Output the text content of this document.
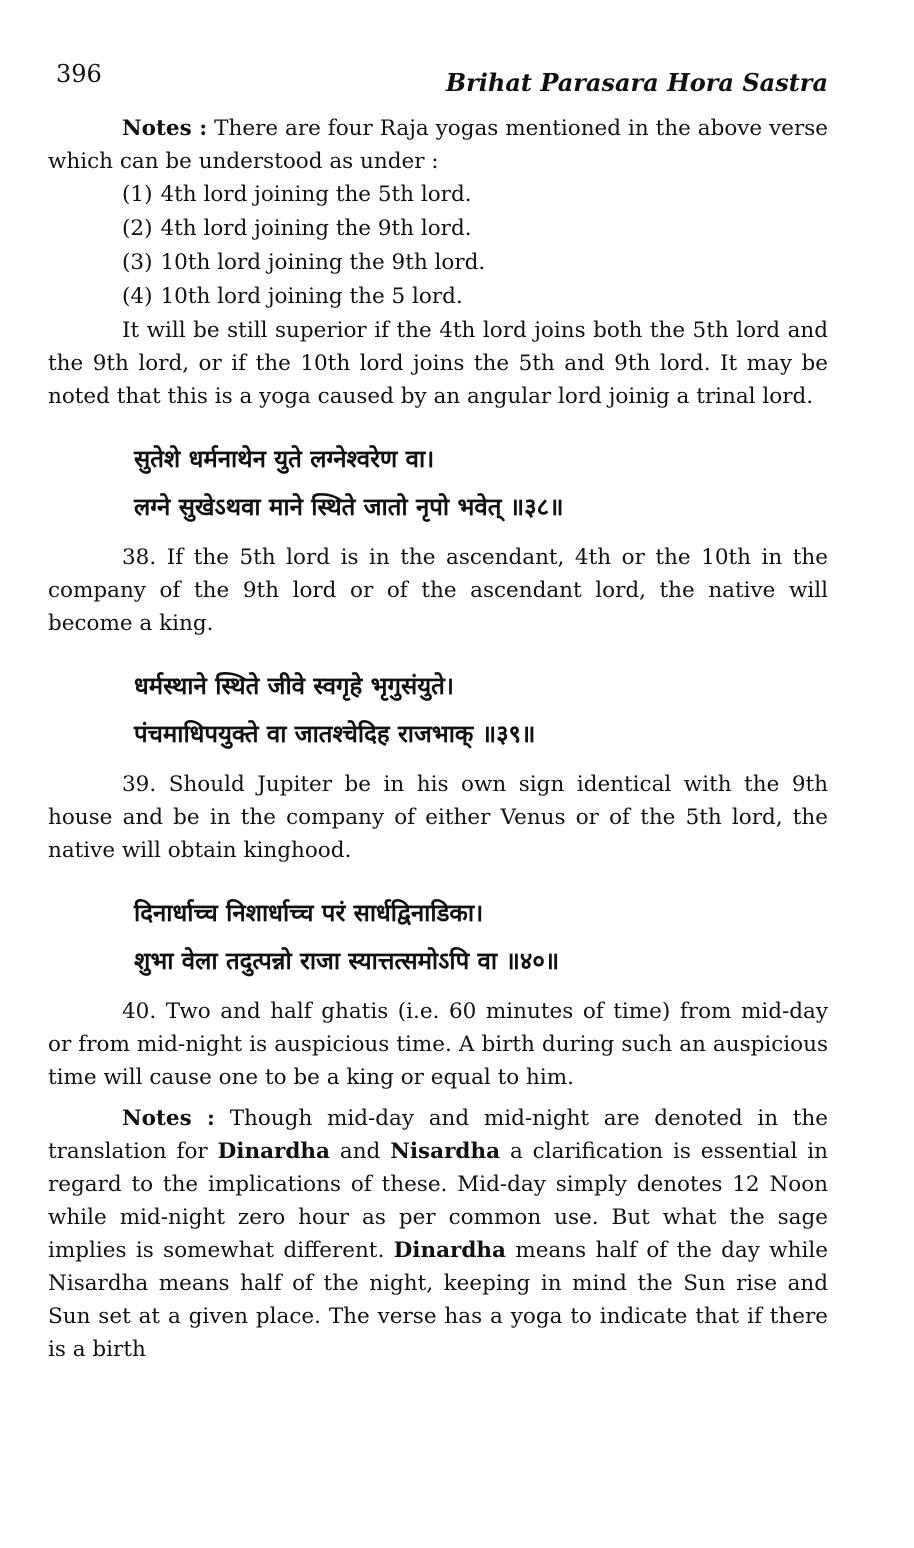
396	Brihat Parasara Hora Sastra

Notes : There are four Raja yogas mentioned in the above verse which can be understood as under :

(1) 4th lord joining the 5th lord.
(2) 4th lord joining the 9th lord.
(3) 10th lord joining the 9th lord.
(4) 10th lord joining the 5 lord.

It will be still superior if the 4th lord joins both the 5th lord and the 9th lord, or if the 10th lord joins the 5th and 9th lord. It may be noted that this is a yoga caused by an angular lord joinig a trinal lord.

सुतेशे धर्मनाथेन युते लग्नेश्वरेण वा।
लग्ने सुखेऽथवा माने स्थिते जातो नृपो भवेत् ॥३८॥

38. If the 5th lord is in the ascendant, 4th or the 10th in the company of the 9th lord or of the ascendant lord, the native will become a king.

धर्मस्थाने स्थिते जीवे स्वगृहे भृगुसंयुते।
पंचमाधिपयुक्ते वा जातश्चेदिह राजभाक् ॥३९॥

39. Should Jupiter be in his own sign identical with the 9th house and be in the company of either Venus or of the 5th lord, the native will obtain kinghood.

दिनार्धाच्च निशार्धाच्च परं सार्धद्विनाडिका।
शुभा वेला तदुत्पन्नो राजा स्यात्तत्समोऽपि वा ॥४०॥

40. Two and half ghatis (i.e. 60 minutes of time) from mid-day or from mid-night is auspicious time. A birth during such an auspicious time will cause one to be a king or equal to him.

Notes : Though mid-day and mid-night are denoted in the translation for Dinardha and Nisardha a clarification is essential in regard to the implications of these. Mid-day simply denotes 12 Noon while mid-night zero hour as per common use. But what the sage implies is somewhat different. Dinardha means half of the day while Nisardha means half of the night, keeping in mind the Sun rise and Sun set at a given place. The verse has a yoga to indicate that if there is a birth
